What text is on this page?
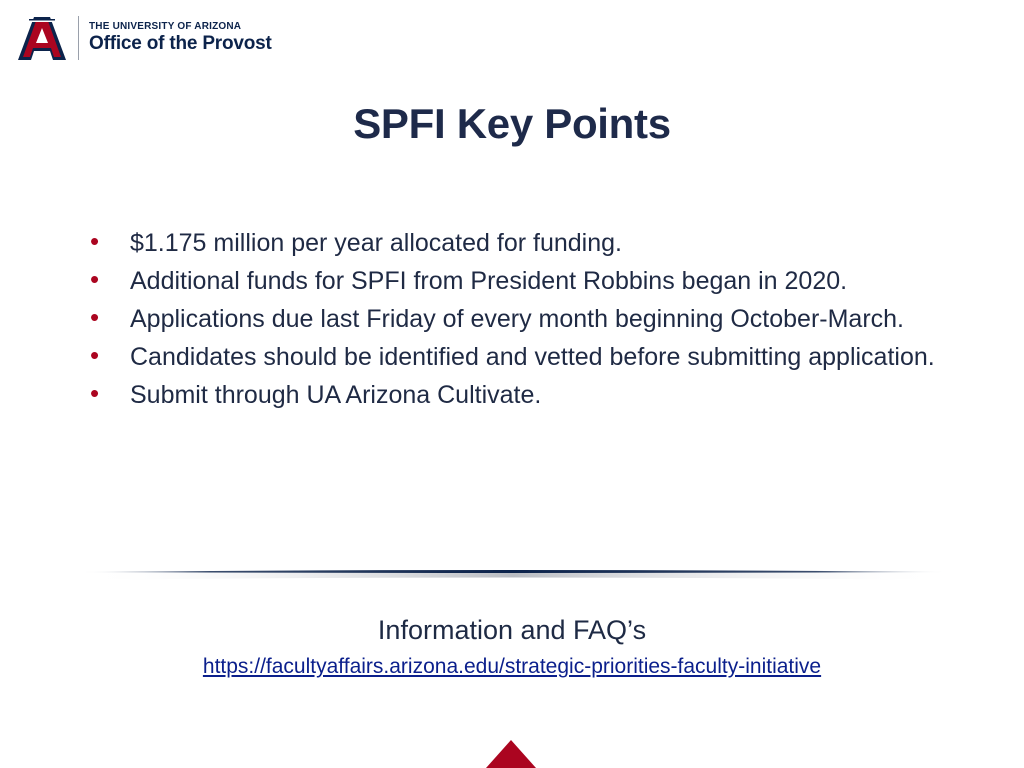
THE UNIVERSITY OF ARIZONA
Office of the Provost
SPFI Key Points
• $1.175 million per year allocated for funding.
• Additional funds for SPFI from President Robbins began in 2020.
• Applications due last Friday of every month beginning October-March.
• Candidates should be identified and vetted before submitting application.
• Submit through UA Arizona Cultivate.
Information and FAQ’s
https://facultyaffairs.arizona.edu/strategic-priorities-faculty-initiative
